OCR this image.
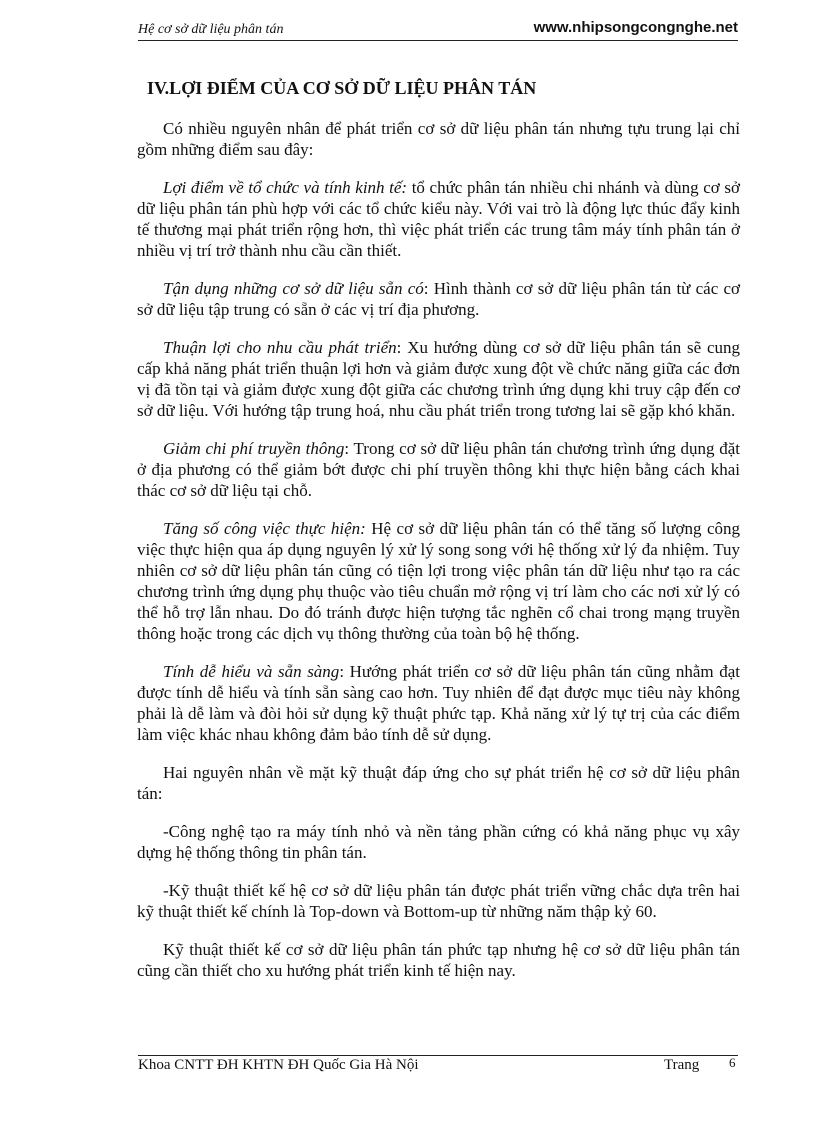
Hệ cơ sở dữ liệu phân tán	www.nhipsongcongnghe.net
IV.LỢI ĐIỂM CỦA CƠ SỞ DỮ LIỆU PHÂN TÁN

Có nhiều nguyên nhân để phát triển cơ sở dữ liệu phân tán nhưng tựu trung lại chỉ gồm những điểm sau đây:

Lợi điểm về tổ chức và tính kinh tế: tổ chức phân tán nhiều chi nhánh và dùng cơ sở dữ liệu phân tán phù hợp với các tổ chức kiểu này. Với vai trò là động lực thúc đẩy kinh tế thương mại phát triển rộng hơn, thì việc phát triển các trung tâm máy tính phân tán ở nhiều vị trí trở thành nhu cầu cần thiết.

Tận dụng những cơ sở dữ liệu sẵn có: Hình thành cơ sở dữ liệu phân tán từ các cơ sở dữ liệu tập trung có sẵn ở các vị trí địa phương.

Thuận lợi cho nhu cầu phát triển: Xu hướng dùng cơ sở dữ liệu phân tán sẽ cung cấp khả năng phát triển thuận lợi hơn và giảm được xung đột về chức năng giữa các đơn vị đã tồn tại và giảm được xung đột giữa các chương trình ứng dụng khi truy cập đến cơ sở dữ liệu. Với hướng tập trung hoá, nhu cầu phát triển trong tương lai sẽ gặp khó khăn.

Giảm chi phí truyền thông: Trong cơ sở dữ liệu phân tán chương trình ứng dụng đặt ở địa phương có thể giảm bớt được chi phí truyền thông khi thực hiện bằng cách khai thác cơ sở dữ liệu tại chỗ.

Tăng số công việc thực hiện: Hệ cơ sở dữ liệu phân tán có thể tăng số lượng công việc thực hiện qua áp dụng nguyên lý xử lý song song với hệ thống xử lý đa nhiệm. Tuy nhiên cơ sở dữ liệu phân tán cũng có tiện lợi trong việc phân tán dữ liệu như tạo ra các chương trình ứng dụng phụ thuộc vào tiêu chuẩn mở rộng vị trí làm cho các nơi xử lý có thể hỗ trợ lẫn nhau. Do đó tránh được hiện tượng tắc nghẽn cổ chai trong mạng truyền thông hoặc trong các dịch vụ thông thường của toàn bộ hệ thống.

Tính dễ hiểu và sẵn sàng: Hướng phát triển cơ sở dữ liệu phân tán cũng nhằm đạt được tính dễ hiểu và tính sẵn sàng cao hơn. Tuy nhiên để đạt được mục tiêu này không phải là dễ làm và đòi hỏi sử dụng kỹ thuật phức tạp. Khả năng xử lý tự trị của các điểm làm việc khác nhau không đảm bảo tính dễ sử dụng.

Hai nguyên nhân về mặt kỹ thuật đáp ứng cho sự phát triển hệ cơ sở dữ liệu phân tán:

-Công nghệ tạo ra máy tính nhỏ và nền tảng phần cứng có khả năng phục vụ xây dựng hệ thống thông tin phân tán.

-Kỹ thuật thiết kế hệ cơ sở dữ liệu phân tán được phát triển vững chắc dựa trên hai kỹ thuật thiết kế chính là Top-down và Bottom-up từ những năm thập kỷ 60.

Kỹ thuật thiết kế cơ sở dữ liệu phân tán phức tạp nhưng hệ cơ sở dữ liệu phân tán cũng cần thiết cho xu hướng phát triển kinh tế hiện nay.

Khoa CNTT ĐH KHTN ĐH Quốc Gia Hà Nội	Trang 6
